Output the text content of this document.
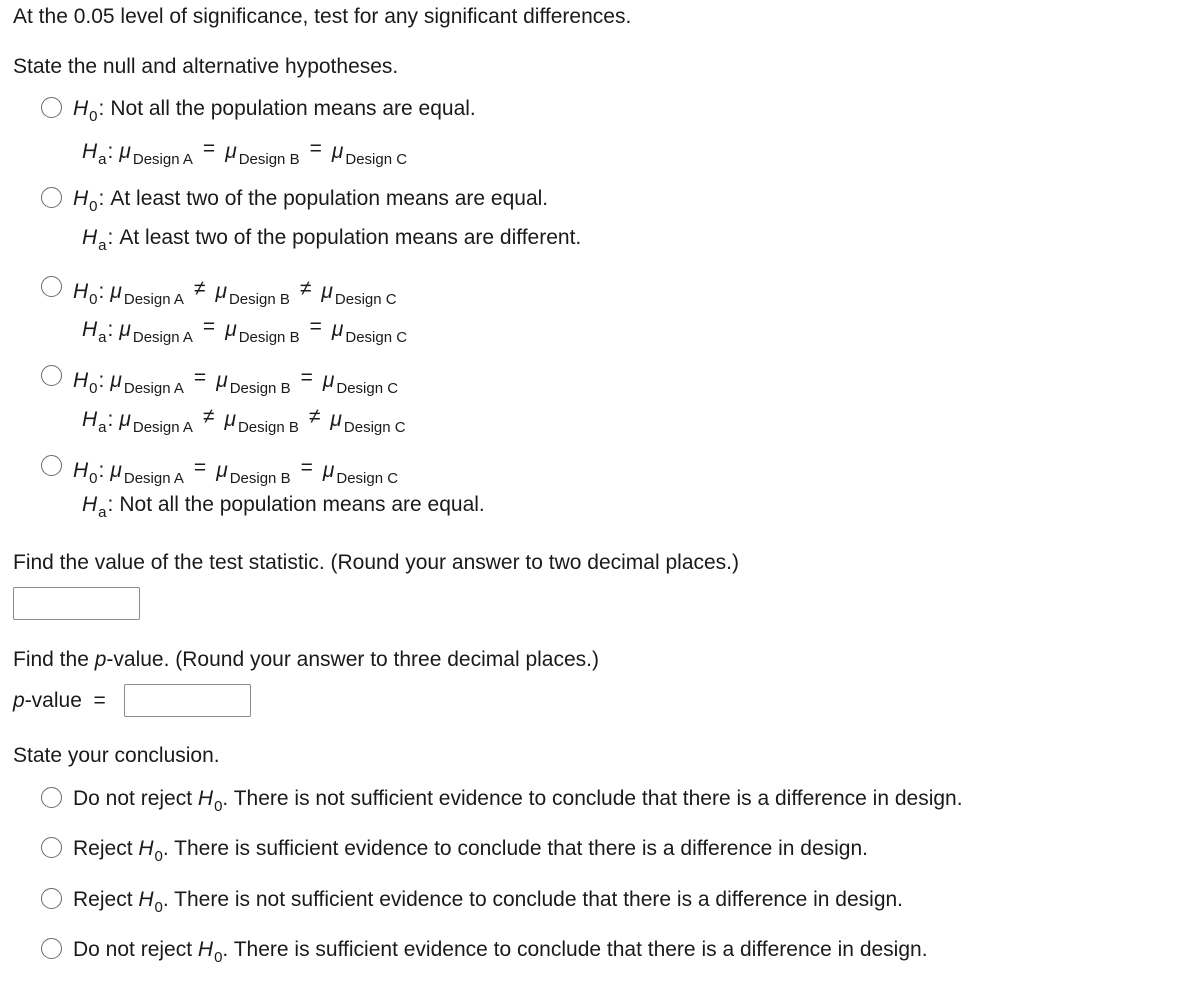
At the 0.05 level of significance, test for any significant differences.
State the null and alternative hypotheses.
$H_0$: Not all the population means are equal.
$H_a$: μ $_{Design A}$ = μ $_{Design B}$ = μ $_{Design C}$
$H_0$: At least two of the population means are equal.
$H_a$: At least two of the population means are different.
$H_0$: μ $_{Design A}$ ≠ μ $_{Design B}$ ≠ μ $_{Design C}$
$H_a$: μ $_{Design A}$ = μ $_{Design B}$ = μ $_{Design C}$
$H_0$: μ $_{Design A}$ = μ $_{Design B}$ = μ $_{Design C}$
$H_a$: μ $_{Design A}$ ≠ μ $_{Design B}$ ≠ μ $_{Design C}$
$H_0$: μ $_{Design A}$ = μ $_{Design B}$ = μ $_{Design C}$
$H_a$: Not all the population means are equal.
Find the value of the test statistic. (Round your answer to two decimal places.)
Find the p-value. (Round your answer to three decimal places.)
p-value  =
State your conclusion.
Do not reject $H_0$. There is not sufficient evidence to conclude that there is a difference in design.
Reject $H_0$. There is sufficient evidence to conclude that there is a difference in design.
Reject $H_0$. There is not sufficient evidence to conclude that there is a difference in design.
Do not reject $H_0$. There is sufficient evidence to conclude that there is a difference in design.
